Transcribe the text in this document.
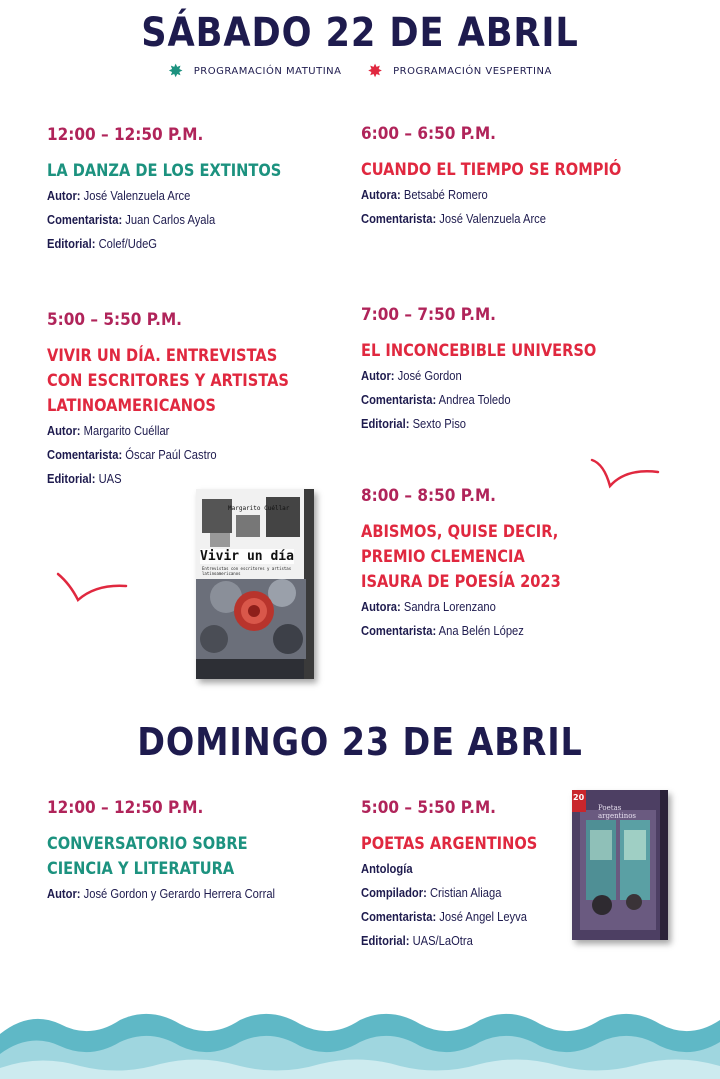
SÁBADO 22 DE ABRIL
✸ PROGRAMACIÓN MATUTINA ✸ PROGRAMACIÓN VESPERTINA
12:00 – 12:50 P.M.
LA DANZA DE LOS EXTINTOS
Autor: José Valenzuela Arce
Comentarista: Juan Carlos Ayala
Editorial: Colef/UdeG
5:00 – 5:50 P.M.
VIVIR UN DÍA. ENTREVISTAS
CON ESCRITORES Y ARTISTAS
LATINOAMERICANOS
Autor: Margarito Cuéllar
Comentarista: Óscar Paúl Castro
Editorial: UAS
6:00 – 6:50 P.M.
CUANDO EL TIEMPO SE ROMPIÓ
Autora: Betsabé Romero
Comentarista: José Valenzuela Arce
7:00 – 7:50 P.M.
EL INCONCEBIBLE UNIVERSO
Autor: José Gordon
Comentarista: Andrea Toledo
Editorial: Sexto Piso
8:00 – 8:50 P.M.
ABISMOS, QUISE DECIR,
PREMIO CLEMENCIA
ISAURA DE POESÍA 2023
Autora: Sandra Lorenzano
Comentarista: Ana Belén López
Margarito Cuéllar
Vivir un día
Entrevistas con escritores y artistas latinoamericanos
DOMINGO 23 DE ABRIL
12:00 – 12:50 P.M.
CONVERSATORIO SOBRE
CIENCIA Y LITERATURA
Autor: José Gordon y Gerardo Herrera Corral
5:00 – 5:50 P.M.
POETAS ARGENTINOS
Antología
Compilador: Cristian Aliaga
Comentarista: José Angel Leyva
Editorial: UAS/LaOtra
20
Poetas argentinos
